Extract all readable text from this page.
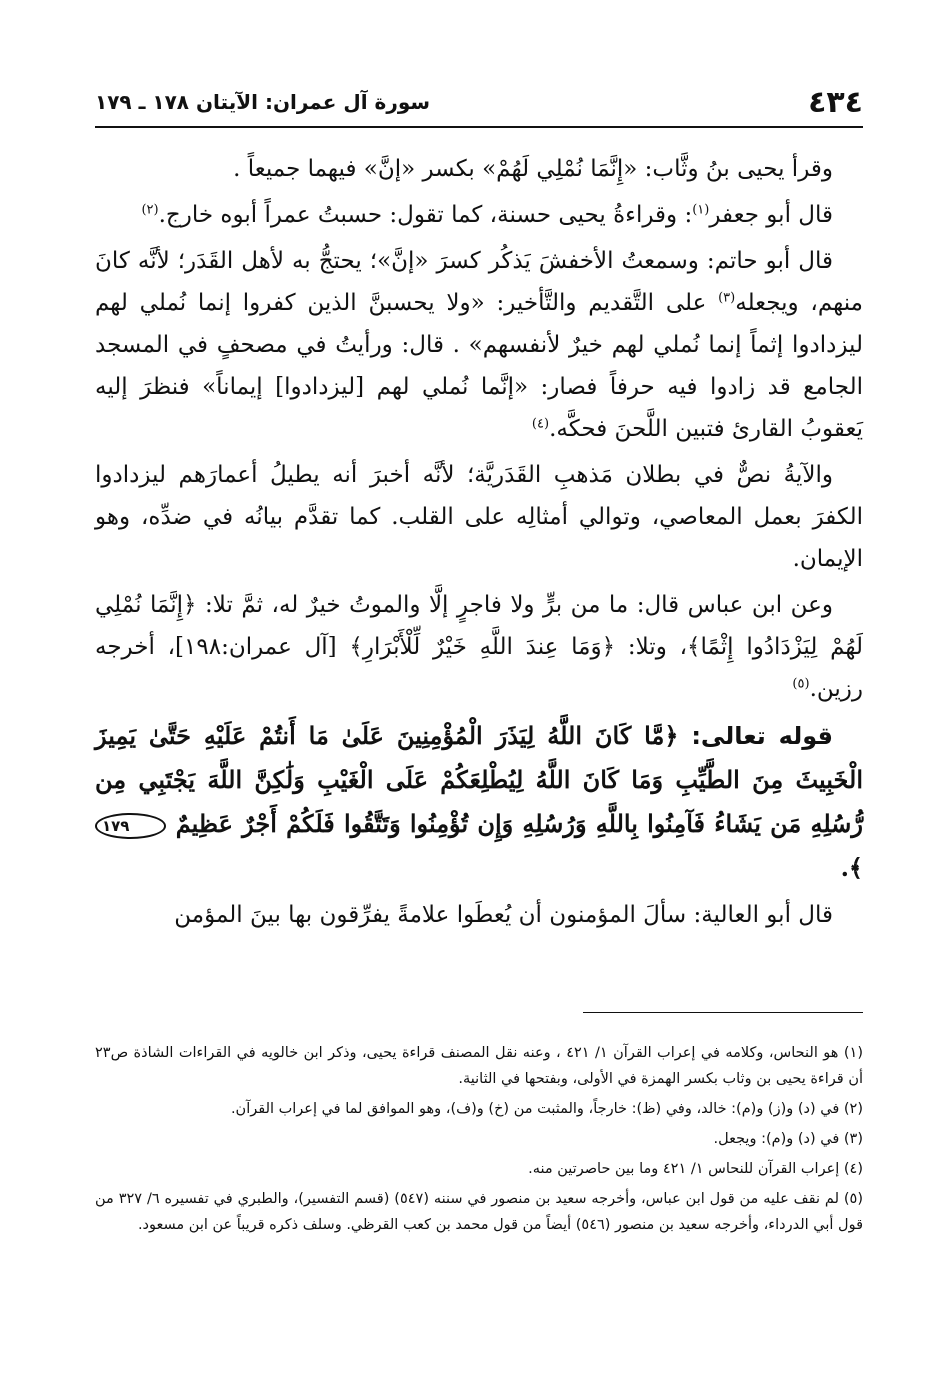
٤٣٤
سورة آل عمران: الآيتان ١٧٨ ـ ١٧٩

وقرأ يحيى بنُ وثَّاب: «إِنَّمَا نُمْلِي لَهُمْ» بكسر «إنَّ» فيهما جميعاً .

قال أبو جعفر$^{(١)}$: وقراءةُ يحيى حسنة، كما تقول: حسبتُ عمراً أبوه خارج.$^{(٢)}$

قال أبو حاتم: وسمعتُ الأخفشَ يَذكُر كسرَ «إنَّ»؛ يحتجُّ به لأهل القَدَر؛ لأنَّه كانَ منهم، ويجعله$^{(٣)}$ على التَّقديم والتَّأخير: «ولا يحسبنَّ الذين كفروا إنما نُملي لهم ليزدادوا إثماً إنما نُملي لهم خيرٌ لأنفسهم» . قال: ورأيتُ في مصحفٍ في المسجد الجامع قد زادوا فيه حرفاً فصار: «إنَّما نُملي لهم [ليزدادوا] إيماناً» فنظرَ إليه يَعقوبُ القارئ فتبين اللَّحنَ فحكَّه.$^{(٤)}$

والآيةُ نصٌّ في بطلان مَذهبِ القَدَريَّة؛ لأنَّه أخبرَ أنه يطيلُ أعمارَهم ليزدادوا الكفرَ بعمل المعاصي، وتوالي أمثالِه على القلب. كما تقدَّم بيانُه في ضدِّه، وهو الإيمان.

وعن ابن عباس قال: ما من برٍّ ولا فاجرٍ إلَّا والموتُ خيرٌ له، ثمَّ تلا: ﴿إِنَّمَا نُمْلِي لَهُمْ لِيَزْدَادُوا إِثْمًا﴾، وتلا: ﴿وَمَا عِندَ اللَّهِ خَيْرٌ لِّلْأَبْرَارِ﴾ [آل عمران:١٩٨]، أخرجه رزين.$^{(٥)}$

قوله تعالى: ﴿مَّا كَانَ اللَّهُ لِيَذَرَ الْمُؤْمِنِينَ عَلَىٰ مَا أَنتُمْ عَلَيْهِ حَتَّىٰ يَمِيزَ الْخَبِيثَ مِنَ الطَّيِّبِ وَمَا كَانَ اللَّهُ لِيُطْلِعَكُمْ عَلَى الْغَيْبِ وَلَٰكِنَّ اللَّهَ يَجْتَبِي مِن رُّسُلِهِ مَن يَشَاءُ فَآمِنُوا بِاللَّهِ وَرُسُلِهِ وَإِن تُؤْمِنُوا وَتَتَّقُوا فَلَكُمْ أَجْرٌ عَظِيمٌ ١٧٩﴾.

قال أبو العالية: سألَ المؤمنون أن يُعطَوا علامةً يفرِّقون بها بينَ المؤمن

(١) هو النحاس، وكلامه في إعراب القرآن ١/ ٤٢١ ، وعنه نقل المصنف قراءة يحيى، وذكر ابن خالويه في القراءات الشاذة ص٢٣ أن قراءة يحيى بن وثاب بكسر الهمزة في الأولى، وبفتحها في الثانية.
(٢) في (د) و(ز) و(م): خالد، وفي (ظ): خارجاً، والمثبت من (خ) و(ف)، وهو الموافق لما في إعراب القرآن.
(٣) في (د) و(م): ويجعل.
(٤) إعراب القرآن للنحاس ١/ ٤٢١ وما بين حاصرتين منه.
(٥) لم نقف عليه من قول ابن عباس، وأخرجه سعيد بن منصور في سننه (٥٤٧) (قسم التفسير)، والطبري في تفسيره ٦/ ٣٢٧ من قول أبي الدرداء، وأخرجه سعيد بن منصور (٥٤٦) أيضاً من قول محمد بن كعب القرظي. وسلف ذكره قريباً عن ابن مسعود.
